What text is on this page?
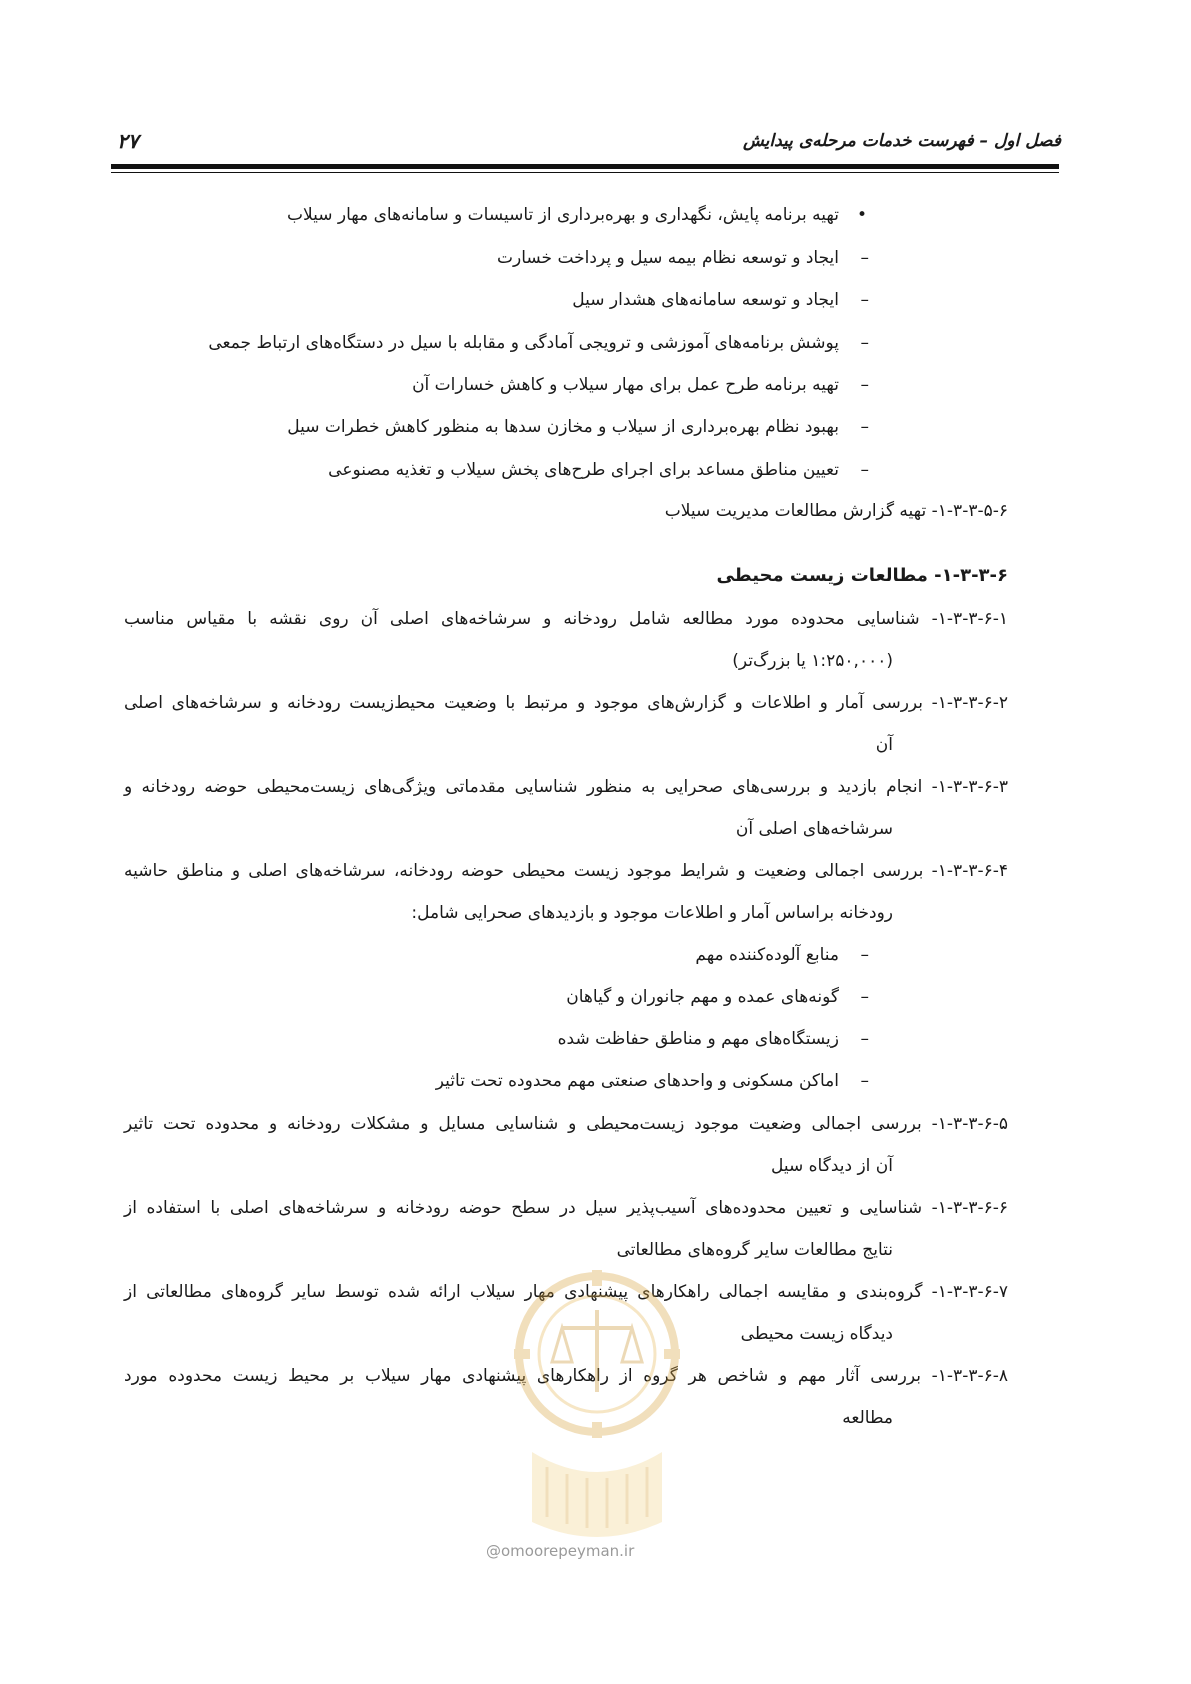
فصل اول – فهرست خدمات مرحله‌ی پیدایش
۲۷
•
تهیه برنامه پایش، نگهداری و بهره‌برداری از تاسیسات و سامانه‌های مهار سیلاب
–
ایجاد و توسعه نظام بیمه سیل و پرداخت خسارت
–
ایجاد و توسعه سامانه‌های هشدار سیل
–
پوشش برنامه‌های آموزشی و ترویجی آمادگی و مقابله با سیل در دستگاه‌های ارتباط جمعی
–
تهیه برنامه طرح عمل برای مهار سیلاب و کاهش خسارات آن
–
بهبود نظام بهره‌برداری از سیلاب و مخازن سدها به منظور کاهش خطرات سیل
–
تعیین مناطق مساعد برای اجرای طرح‌های پخش سیلاب و تغذیه مصنوعی
۱-۳-۳-۵-۶- تهیه گزارش مطالعات مدیریت سیلاب
۱-۳-۳-۶- مطالعات زیست محیطی
۱-۳-۳-۶-۱- شناسایی محدوده مورد مطالعه شامل رودخانه و سرشاخه‌های اصلی آن روی نقشه با مقیاس مناسب
(۱:۲۵۰,۰۰۰ یا بزرگ‌تر)
۱-۳-۳-۶-۲- بررسی آمار و اطلاعات و گزارش‌های موجود و مرتبط با وضعیت محیط‌زیست رودخانه و سرشاخه‌های اصلی
آن
۱-۳-۳-۶-۳- انجام بازدید و بررسی‌های صحرایی به منظور شناسایی مقدماتی ویژگی‌های زیست‌محیطی حوضه رودخانه و
سرشاخه‌های اصلی آن
۱-۳-۳-۶-۴- بررسی اجمالی وضعیت و شرایط موجود زیست محیطی حوضه رودخانه، سرشاخه‌های اصلی و مناطق حاشیه
رودخانه براساس آمار و اطلاعات موجود و بازدیدهای صحرایی شامل:
–
منابع آلوده‌کننده مهم
–
گونه‌های عمده و مهم جانوران و گیاهان
–
زیستگاه‌های مهم و مناطق حفاظت شده
–
اماکن مسکونی و واحدهای صنعتی مهم محدوده تحت تاثیر
۱-۳-۳-۶-۵- بررسی اجمالی وضعیت موجود زیست‌محیطی و شناسایی مسایل و مشکلات رودخانه و محدوده تحت تاثیر
آن از دیدگاه سیل
۱-۳-۳-۶-۶- شناسایی و تعیین محدوده‌های آسیب‌پذیر سیل در سطح حوضه رودخانه و سرشاخه‌های اصلی با استفاده از
نتایج مطالعات سایر گروه‌های مطالعاتی
۱-۳-۳-۶-۷- گروه‌بندی و مقایسه اجمالی راهکارهای پیشنهادی مهار سیلاب ارائه شده توسط سایر گروه‌های مطالعاتی از
دیدگاه زیست محیطی
۱-۳-۳-۶-۸- بررسی آثار مهم و شاخص هر گروه از راهکارهای پیشنهادی مهار سیلاب بر محیط زیست محدوده مورد
مطالعه
@omoorepeyman.ir
